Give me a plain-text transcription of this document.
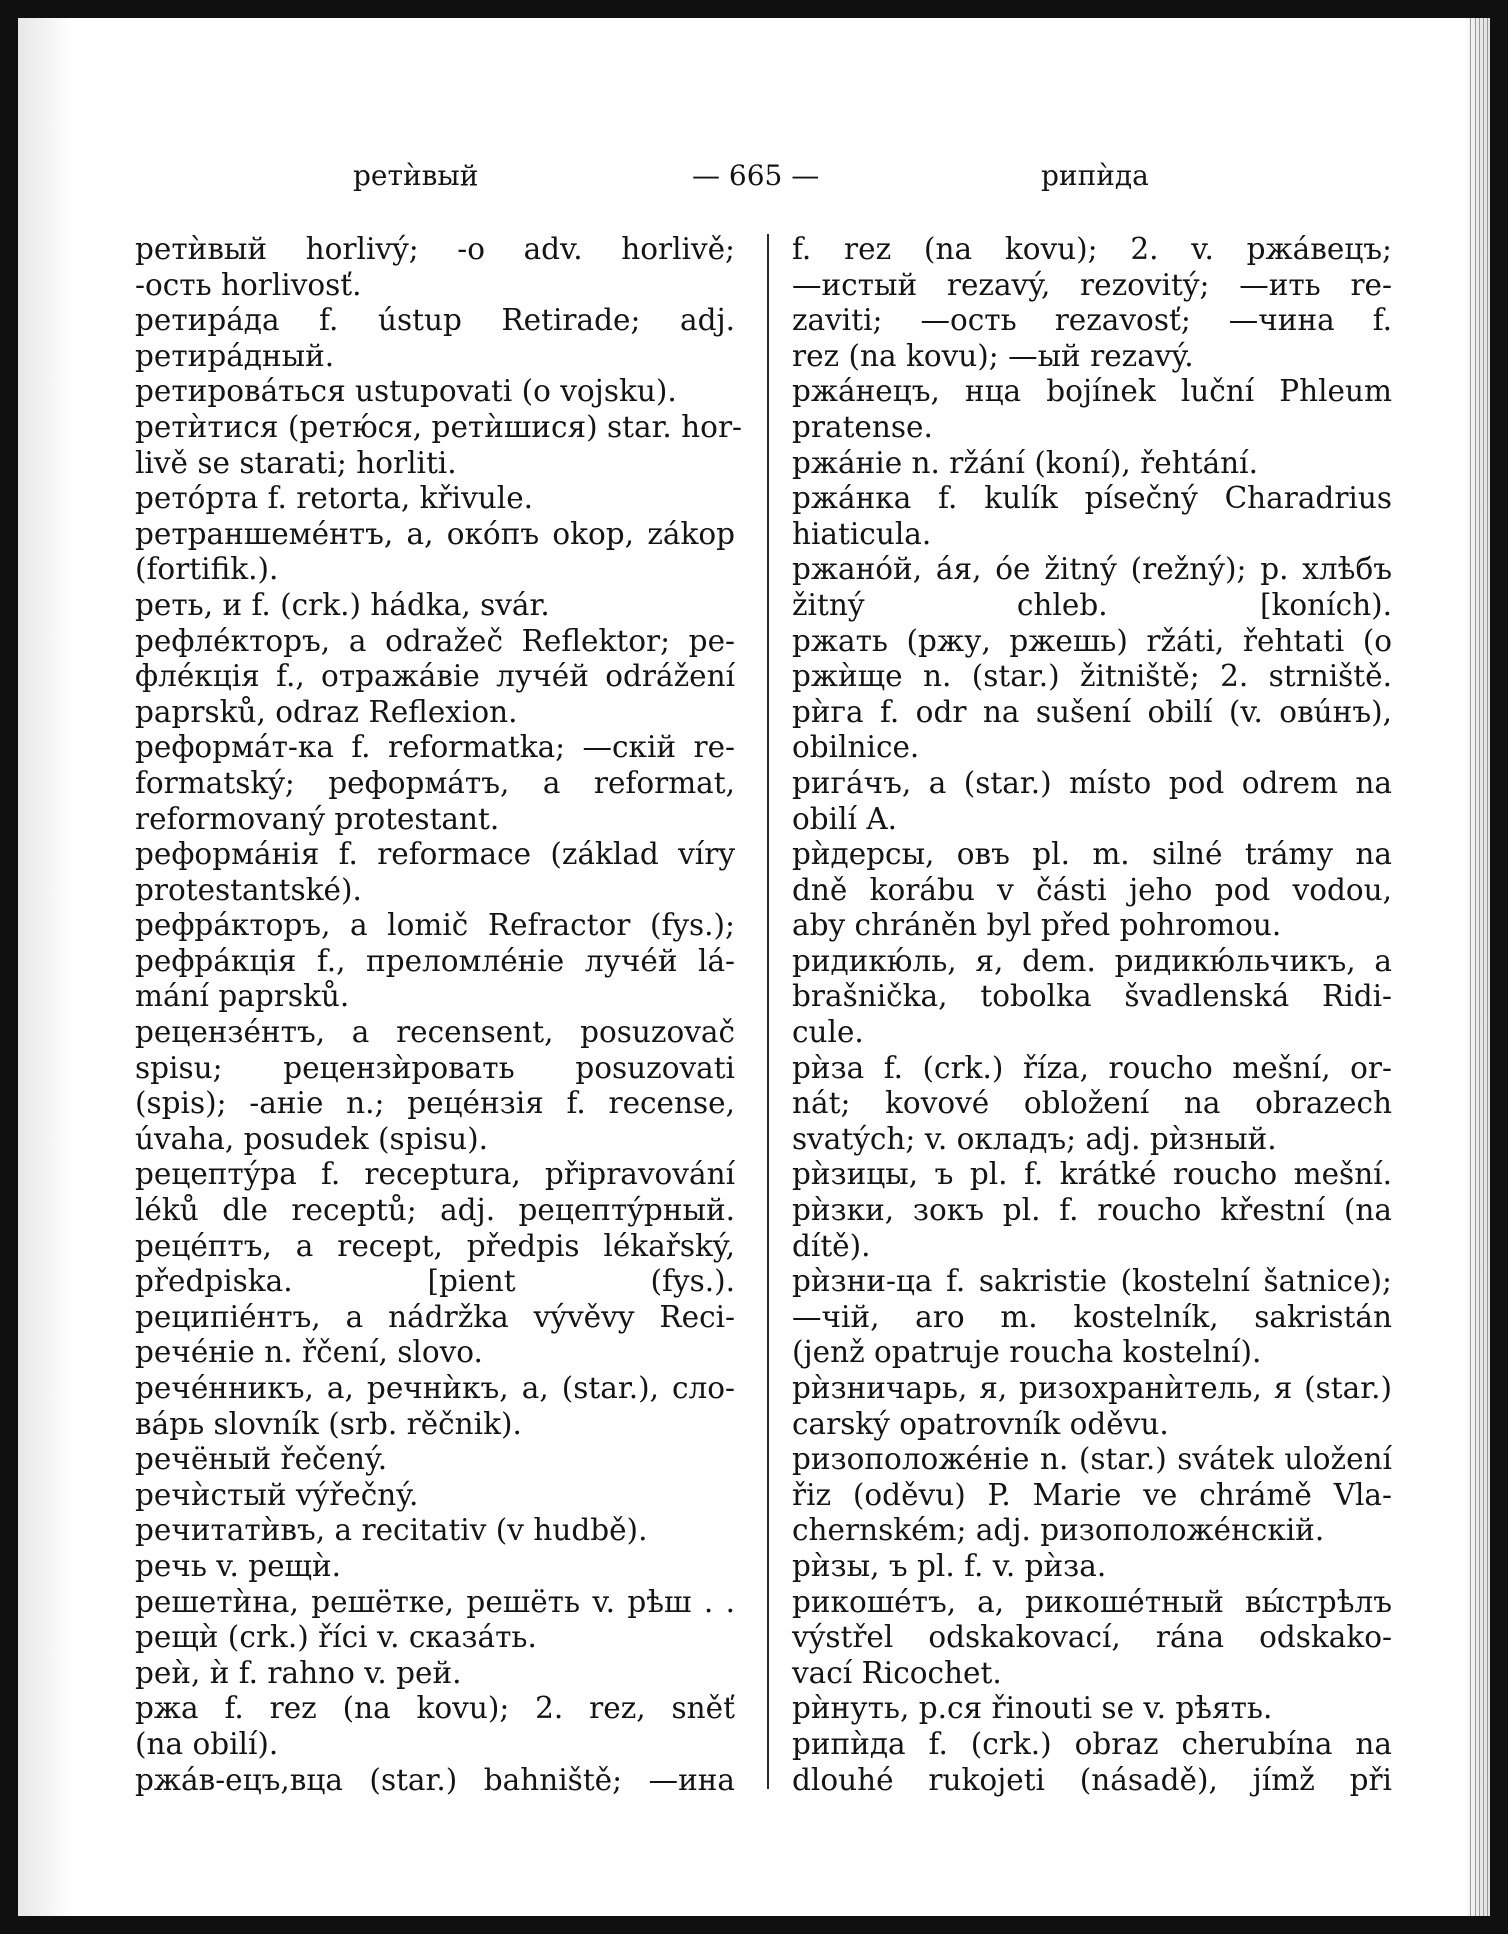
ретѝвый	— 665 —	рипѝда
ретѝвый horlivý; -o adv. horlivě;
-ость horlivosť.
ретирáда f. ústup Retirade; adj.
ретирáдный.
ретировáться ustupovati (o vojsku).
ретѝтися (ретю́ся, ретѝшися) star. hor-
livě se starati; horliti.
ретóрта f. retorta, křivule.
ретраншемéнтъ, a, окóпъ okop, zákop
(fortifik.).
реть, и f. (crk.) hádka, svár.
рефлéкторъ, a odražeč Reflektor; ре-
флéкція f., отражáвіе лучéй odrážení
paprsků, odraz Reflexion.
реформáт-ка f. reformatka; —скій re-
formatský; реформáтъ, a reformat,
reformovaný protestant.
реформáнія f. reformace (základ víry
protestantské).
рефрáкторъ, a lomič Refractor (fys.);
рефрáкція f., преломлéніе лучéй lá-
mání paprsků.
рецензéнтъ, a recensent, posuzovač
spisu; рецензѝровать posuzovati
(spis); -aніе n.; рецéнзія f. recense,
úvaha, posudek (spisu).
рецептýра f. receptura, připravování
léků dle receptů; adj. рецептýрный.
рецéптъ, a recept, předpis lékařský,
předpiska. [pient (fys.).
реципiéнтъ, a nádržka vývěvy Reci-
речéніе n. řčení, slovo.
речéнникъ, a, речнѝкъ, a, (star.), сло-
вáрь slovník (srb. rěčnik).
речёный řečený.
речѝстый výřečný.
речитатѝвъ, a recitativ (v hudbě).
речь v. рещѝ.
решетѝна, решётке, решёть v. рѣш . .
рещѝ (crk.) říci v. сказáть.
реѝ, ѝ f. rahno v. рей.
ржа f. rez (na kovu); 2. rez, sněť
(na obilí).
ржáв-ецъ,вца (star.) bahniště; —ина
f. rez (na kovu); 2. v. ржáвецъ;
—истый rezavý, rezovitý; —ить re-
zaviti; —ость rezavosť; —чина f.
rez (na kovu); —ый rezavý.
ржáнецъ, нца bojínek luční Phleum
pratense.
ржáніе n. ržání (koní), řehtání.
ржáнка f. kulík písečný Charadrius
hiaticula.
ржанóй, áя, óе žitný (režný); p. хлѣбъ
žitný chleb. [koních).
ржать (ржу, ржешь) ržáti, řehtati (o
ржѝще n. (star.) žitniště; 2. strniště.
рѝга f. odr na sušení obilí (v. овúнъ),
obilnice.
ригáчъ, a (star.) místo pod odrem na
obilí A.
рѝдерсы, овъ pl. m. silné trámy na
dně korábu v části jeho pod vodou,
aby chráněn byl před pohromou.
ридикю́ль, я, dem. ридикю́льчикъ, a
brašnička, tobolka švadlenská Ridi-
cule.
рѝза f. (crk.) říza, roucho mešní, or-
nát; kovové obložení na obrazech
svatých; v. окладъ; adj. рѝзный.
рѝзицы, ъ pl. f. krátké roucho mešní.
рѝзки, зокъ pl. f. roucho křestní (na
dítě).
рѝзни-ца f. sakristie (kostelní šatnice);
—чій, aro m. kostelník, sakristán
(jenž opatruje roucha kostelní).
рѝзничарь, я, ризохранѝтель, я (star.)
carský opatrovník oděvu.
ризоположéніе n. (star.) svátek uložení
řiz (oděvu) P. Marie ve chrámě Vla-
chernském; adj. ризоположéнскій.
рѝзы, ъ pl. f. v. рѝза.
рикошéтъ, a, рикошéтный вы́стрѣлъ
výstřel odskakovací, rána odskako-
vací Ricochet.
рѝнуть, p.ся řinouti se v. рѣять.
рипѝда f. (crk.) obraz cherubína na
dlouhé rukojeti (násadě), jímž při
